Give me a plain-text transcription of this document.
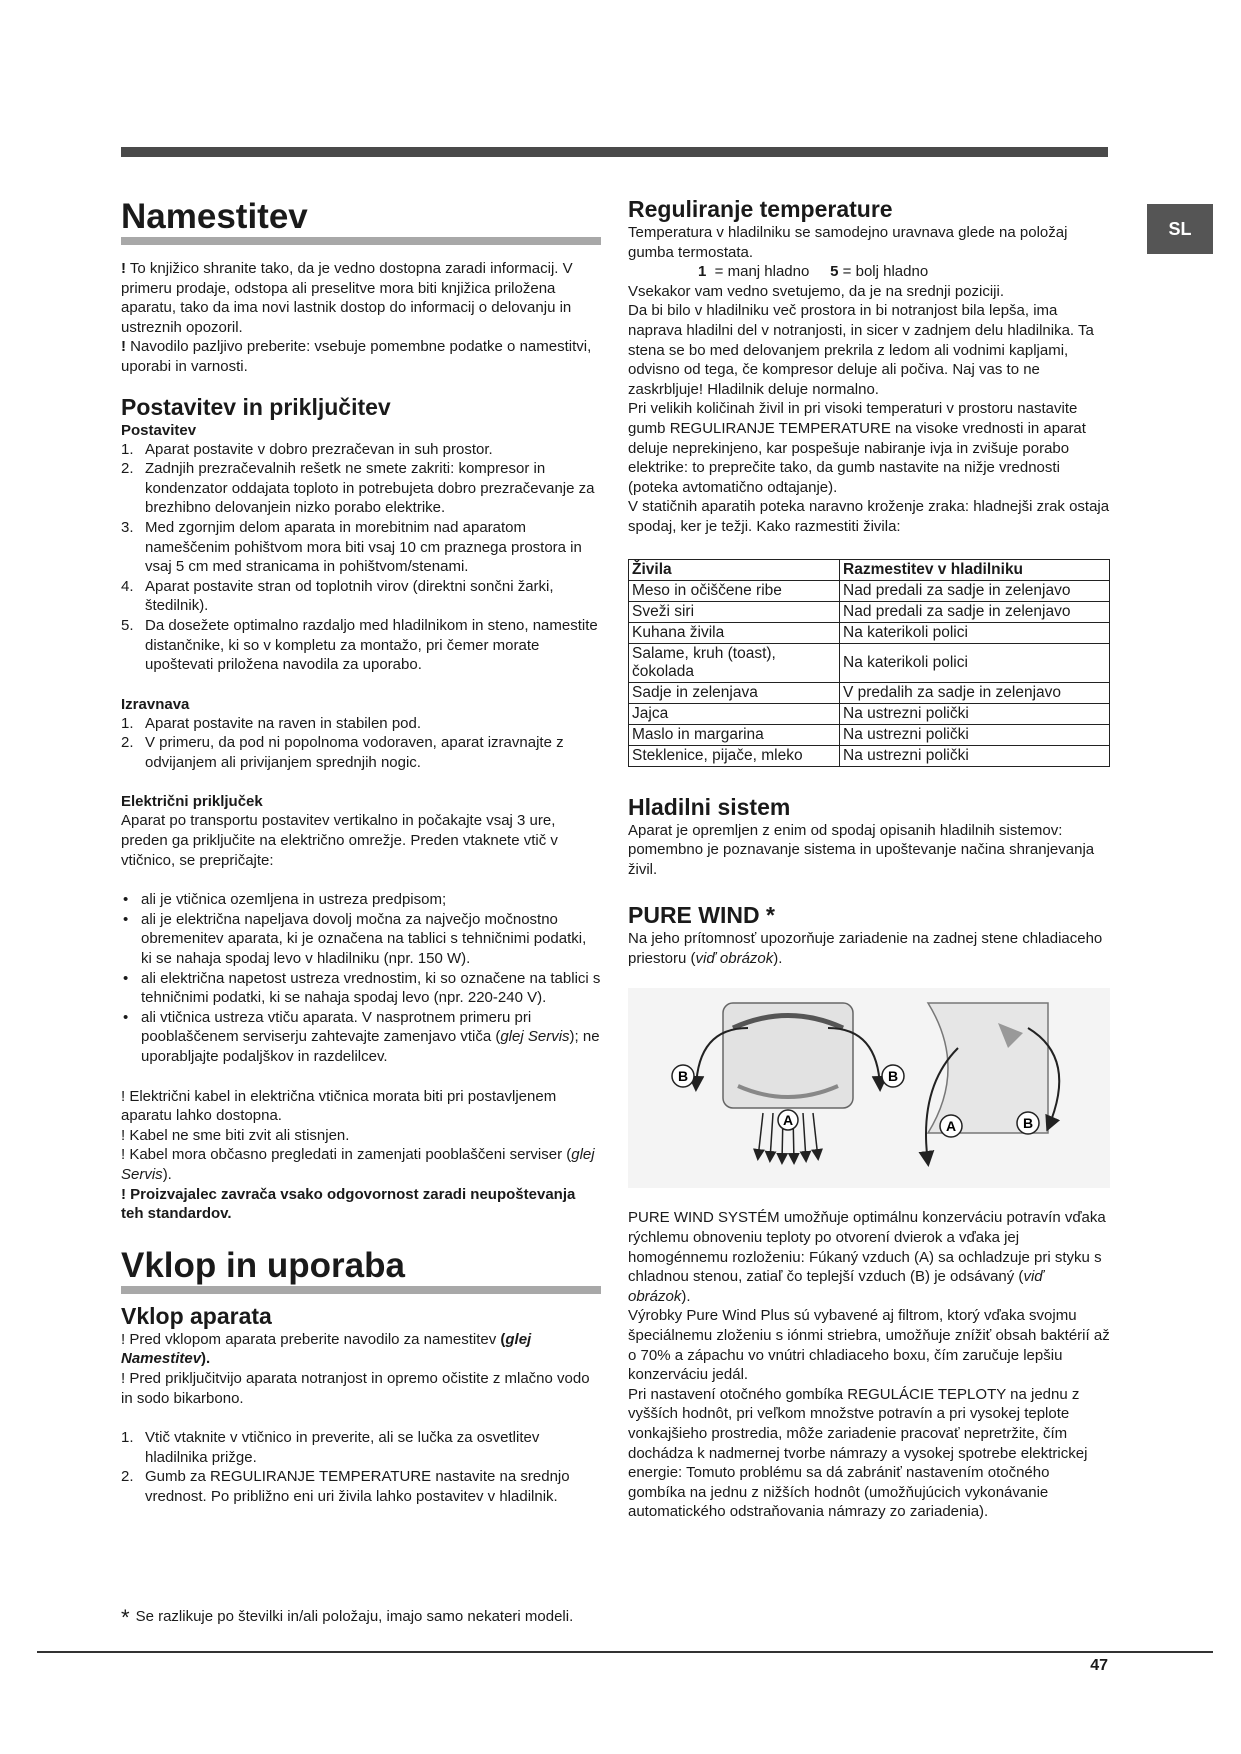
SL
Namestitev

! To knjižico shranite tako, da je vedno dostopna zaradi informacij. V primeru prodaje, odstopa ali preselitve mora biti knjižica priložena aparatu, tako da ima novi lastnik dostop do informacij o delovanju in ustreznih opozoril.

! Navodilo pazljivo preberite: vsebuje pomembne podatke o namestitvi, uporabi in varnosti.

Postavitev in priključitev
Postavitev
1. Aparat postavite v dobro prezračevan in suh prostor.
2. Zadnjih prezračevalnih rešetk ne smete zakriti: kompresor in kondenzator oddajata toploto in potrebujeta dobro prezračevanje za brezhibno delovanjein nizko porabo elektrike.
3. Med zgornjim delom aparata in morebitnim nad aparatom nameščenim pohištvom mora biti vsaj 10 cm praznega prostora in vsaj 5 cm med stranicama in pohištvom/stenami.
4. Aparat postavite stran od toplotnih virov (direktni sončni žarki, štedilnik).
5. Da dosežete optimalno razdaljo med hladilnikom in steno, namestite distančnike, ki so v kompletu za montažo, pri čemer morate upoštevati priložena navodila za uporabo.
Izravnava
1. Aparat postavite na raven in stabilen pod.
2. V primeru, da pod ni popolnoma vodoraven, aparat izravnajte z odvijanjem ali privijanjem sprednjih nogic.
Električni priključek

Aparat po transportu postavitev vertikalno in počakajte vsaj 3 ure, preden ga priključite na električno omrežje. Preden vtaknete vtič v vtičnico, se prepričajte:

• ali je vtičnica ozemljena in ustreza predpisom;
• ali je električna napeljava dovolj močna za največjo močnostno obremenitev aparata, ki je označena na tablici s tehničnimi podatki, ki se nahaja spodaj levo v hladilniku (npr. 150 W).
• ali električna napetost ustreza vrednostim, ki so označene na tablici s tehničnimi podatki, ki se nahaja spodaj levo (npr. 220-240 V).
• ali vtičnica ustreza vtiču aparata. V nasprotnem primeru pri pooblaščenem serviserju zahtevajte zamenjavo vtiča (glej Servis); ne uporabljajte podaljškov in razdelilcev.

! Električni kabel in električna vtičnica morata biti pri postavljenem aparatu lahko dostopna.

! Kabel ne sme biti zvit ali stisnjen.

! Kabel mora občasno pregledati in zamenjati pooblaščeni serviser (glej Servis).

! Proizvajalec zavrača vsako odgovornost zaradi neupoštevanja teh standardov.

Vklop in uporaba
Vklop aparata

! Pred vklopom aparata preberite navodilo za namestitev (glej Namestitev).

! Pred priključitvijo aparata notranjost in opremo očistite z mlačno vodo in sodo bikarbono.

1. Vtič vtaknite v vtičnico in preverite, ali se lučka za osvetlitev hladilnika prižge.
2. Gumb za REGULIRANJE TEMPERATURE nastavite na srednjo vrednost. Po približno eni uri živila lahko postavitev v hladilnik.
Reguliranje temperature

Temperatura v hladilniku se samodejno uravnava glede na položaj gumba termostata.

1  = manj hladno     5 = bolj hladno

Vsekakor vam vedno svetujemo, da je na srednji poziciji.

Da bi bilo v hladilniku več prostora in bi notranjost bila lepša, ima naprava hladilni del v notranjosti, in sicer v zadnjem delu hladilnika. Ta stena se bo med delovanjem prekrila z ledom ali vodnimi kapljami, odvisno od tega, če kompresor deluje ali počiva. Naj vas to ne zaskrbljuje! Hladilnik deluje normalno.

Pri velikih količinah živil in pri visoki temperaturi v prostoru nastavite gumb REGULIRANJE TEMPERATURE na visoke vrednosti in aparat deluje neprekinjeno, kar pospešuje nabiranje ivja in zvišuje porabo elektrike: to preprečite tako, da gumb nastavite na nižje vrednosti (poteka avtomatično odtajanje).

V statičnih aparatih poteka naravno kroženje zraka: hladnejši zrak ostaja spodaj, ker je težji. Kako razmestiti živila:

Živila	Razmestitev v hladilniku
Meso in očiščene ribe	Nad predali za sadje in zelenjavo
Sveži siri	Nad predali za sadje in zelenjavo
Kuhana živila	Na katerikoli polici
Salame, kruh (toast), čokolada	Na katerikoli polici
Sadje in zelenjava	V predalih za sadje in zelenjavo
Jajca	Na ustrezni polički
Maslo in margarina	Na ustrezni polički
Steklenice, pijače, mleko	Na ustrezni polički
Hladilni sistem

Aparat je opremljen z enim od spodaj opisanih hladilnih sistemov: pomembno je poznavanje sistema in upoštevanje načina shranjevanja živil.

PURE WIND *

Na jeho prítomnosť upozorňuje zariadenie na zadnej stene chladiaceho priestoru (viď obrázok).

B	B
A	A	B

PURE WIND SYSTÉM umožňuje optimálnu konzerváciu potravín vďaka rýchlemu obnoveniu teploty po otvorení dvierok a vďaka jej homogénnemu rozloženiu: Fúkaný vzduch (A) sa ochladzuje pri styku s chladnou stenou, zatiaľ čo teplejší vzduch (B) je odsávaný (viď obrázok).

Výrobky Pure Wind Plus sú vybavené aj filtrom, ktorý vďaka svojmu špeciálnemu zloženiu s iónmi striebra, umožňuje znížiť obsah baktérií až o 70% a zápachu vo vnútri chladiaceho boxu, čím zaručuje lepšiu konzerváciu jedál.

Pri nastavení otočného gombíka REGULÁCIE TEPLOTY na jednu z vyšších hodnôt, pri veľkom množstve potravín a pri vysokej teplote vonkajšieho prostredia, môže zariadenie pracovať nepretržite, čím dochádza k nadmernej tvorbe námrazy a vysokej spotrebe elektrickej energie: Tomuto problému sa dá zabrániť nastavením otočného gombíka na jednu z nižších hodnôt (umožňujúcich vykonávanie automatického odstraňovania námrazy zo zariadenia).

* Se razlikuje po številki in/ali položaju, imajo samo nekateri modeli.
47
